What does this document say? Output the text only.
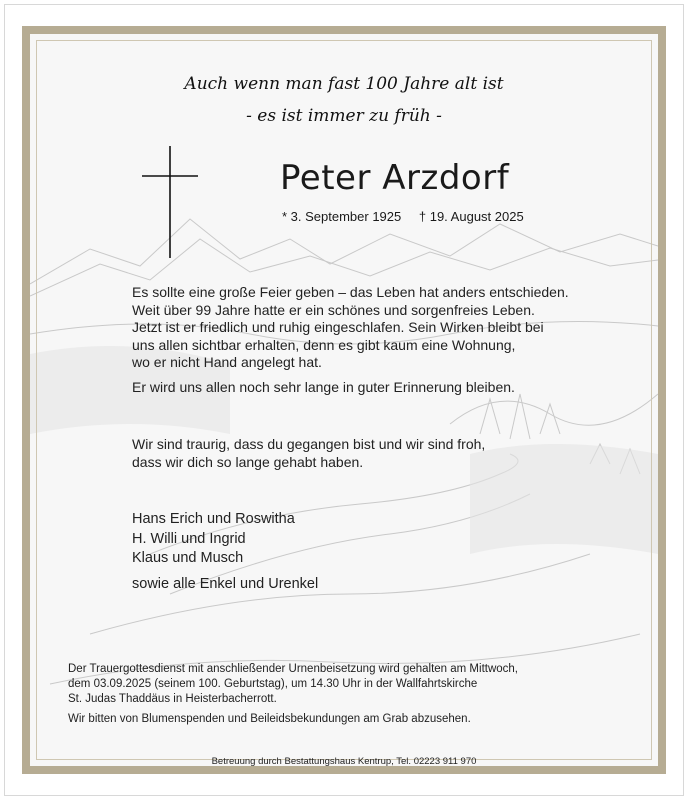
Auch wenn man fast 100 Jahre alt ist
- es ist immer zu früh -
Peter Arzdorf
* 3. September 1925 † 19. August 2025
Es sollte eine große Feier geben – das Leben hat anders entschieden.
Weit über 99 Jahre hatte er ein schönes und sorgenfreies Leben.
Jetzt ist er friedlich und ruhig eingeschlafen. Sein Wirken bleibt bei
uns allen sichtbar erhalten, denn es gibt kaum eine Wohnung,
wo er nicht Hand angelegt hat.
Er wird uns allen noch sehr lange in guter Erinnerung bleiben.
Wir sind traurig, dass du gegangen bist und wir sind froh,
dass wir dich so lange gehabt haben.
Hans Erich und Roswitha
H. Willi und Ingrid
Klaus und Musch
sowie alle Enkel und Urenkel
Der Trauergottesdienst mit anschließender Urnenbeisetzung wird gehalten am Mittwoch,
dem 03.09.2025 (seinem 100. Geburtstag), um 14.30 Uhr in der Wallfahrtskirche
St. Judas Thaddäus in Heisterbacherrott.
Wir bitten von Blumenspenden und Beileidsbekundungen am Grab abzusehen.
Betreuung durch Bestattungshaus Kentrup, Tel. 02223 911 970
